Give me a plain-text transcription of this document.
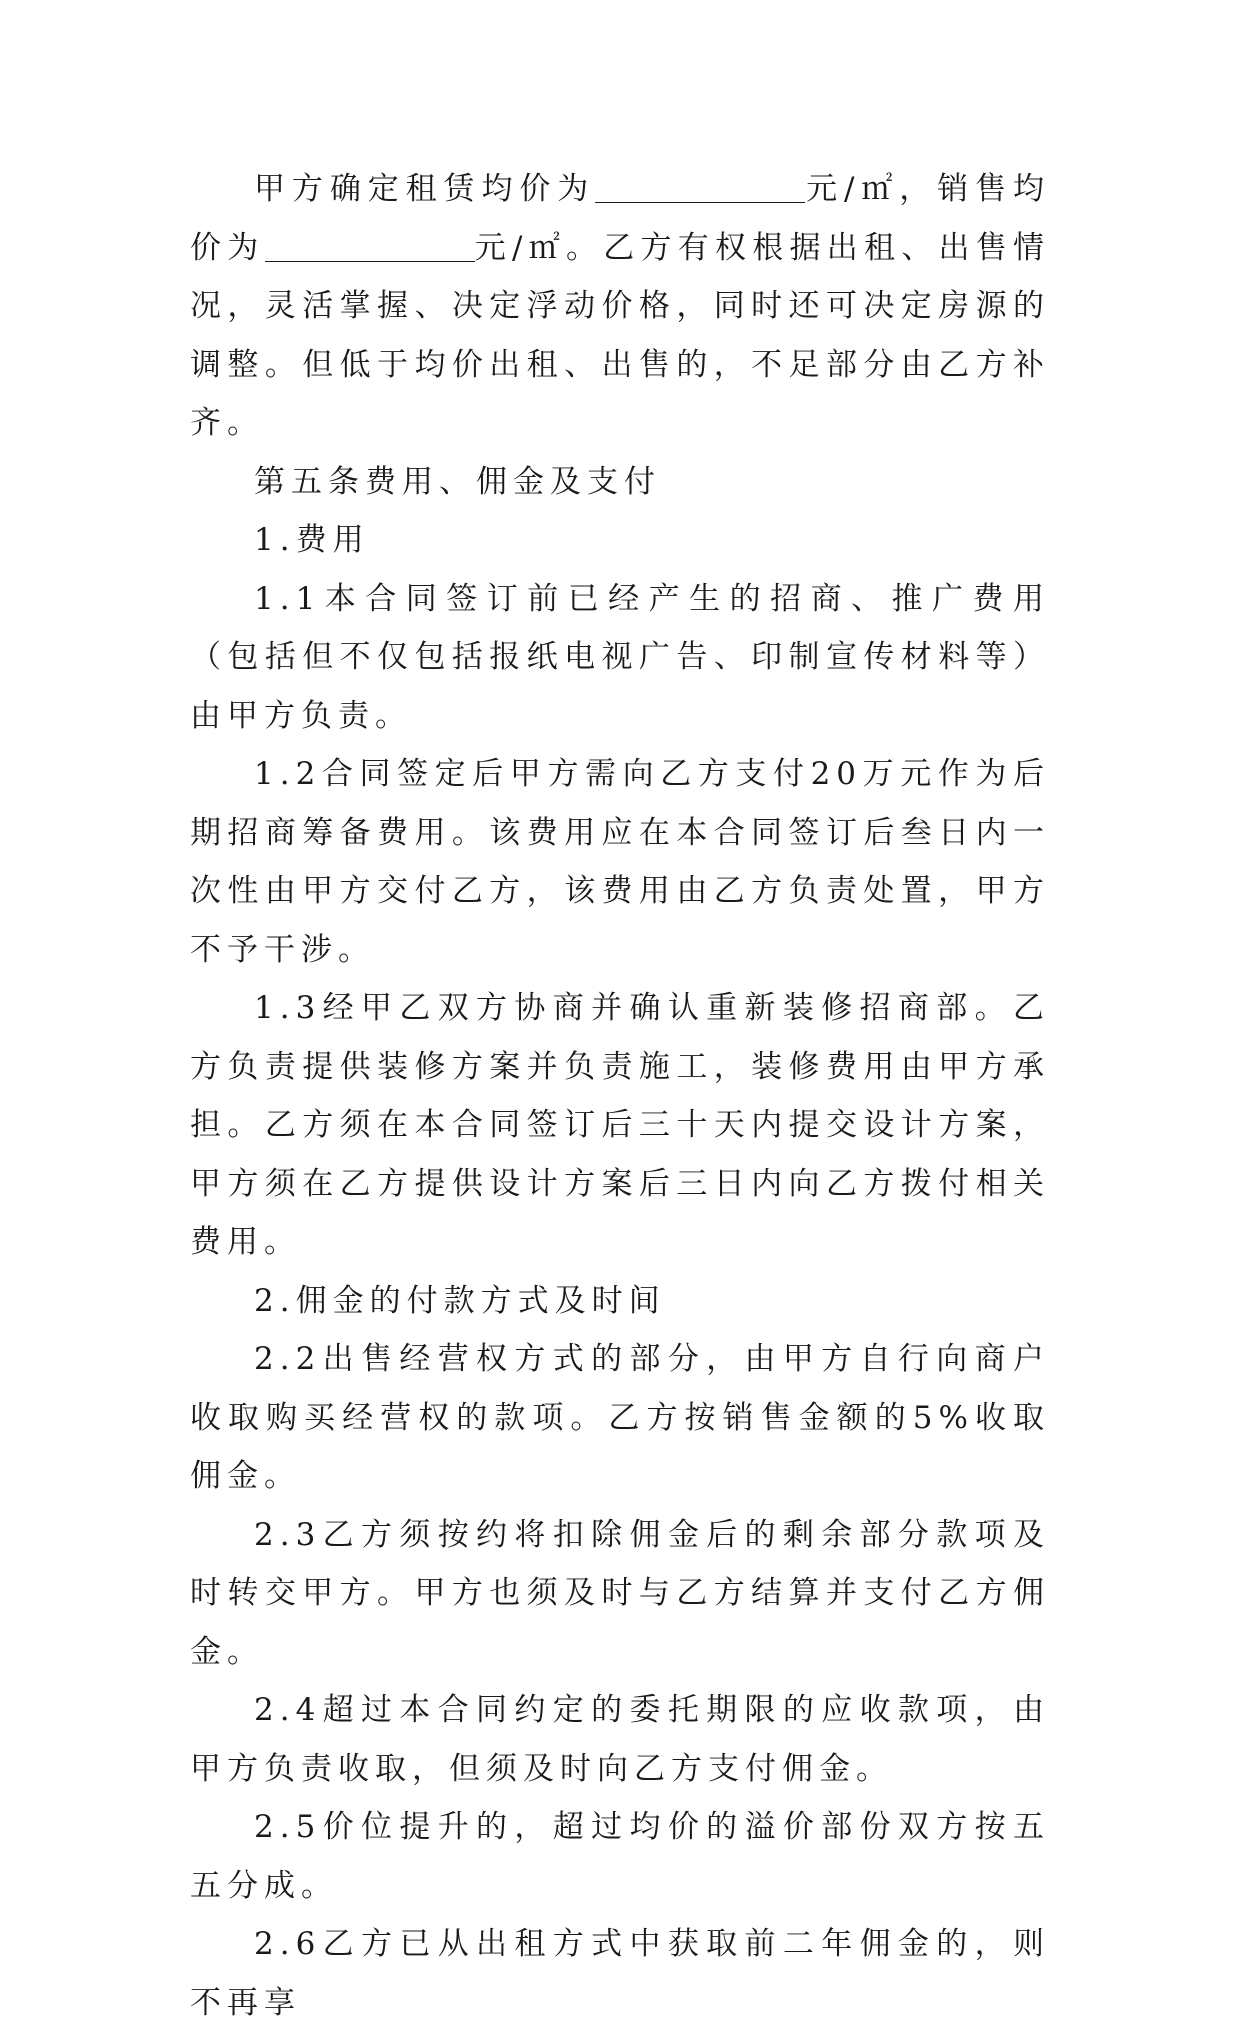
甲方确定租赁均价为	元/㎡，销售均价为	元/㎡。乙方有权根据出租、出售情况，灵活掌握、决定浮动价格，同时还可决定房源的调整。但低于均价出租、出售的，不足部分由乙方补齐。

第五条费用、佣金及支付

1.费用

1.1本合同签订前已经产生的招商、推广费用（包括但不仅包括报纸电视广告、印制宣传材料等）由甲方负责。

1.2合同签定后甲方需向乙方支付20万元作为后期招商筹备费用。该费用应在本合同签订后叁日内一次性由甲方交付乙方，该费用由乙方负责处置，甲方不予干涉。

1.3经甲乙双方协商并确认重新装修招商部。乙方负责提供装修方案并负责施工，装修费用由甲方承担。乙方须在本合同签订后三十天内提交设计方案，甲方须在乙方提供设计方案后三日内向乙方拨付相关费用。

2.佣金的付款方式及时间

2.2出售经营权方式的部分，由甲方自行向商户收取购买经营权的款项。乙方按销售金额的5%收取佣金。

2.3乙方须按约将扣除佣金后的剩余部分款项及时转交甲方。甲方也须及时与乙方结算并支付乙方佣金。

2.4超过本合同约定的委托期限的应收款项，由甲方负责收取，但须及时向乙方支付佣金。

2.5价位提升的，超过均价的溢价部份双方按五五分成。

2.6乙方已从出租方式中获取前二年佣金的，则不再享
